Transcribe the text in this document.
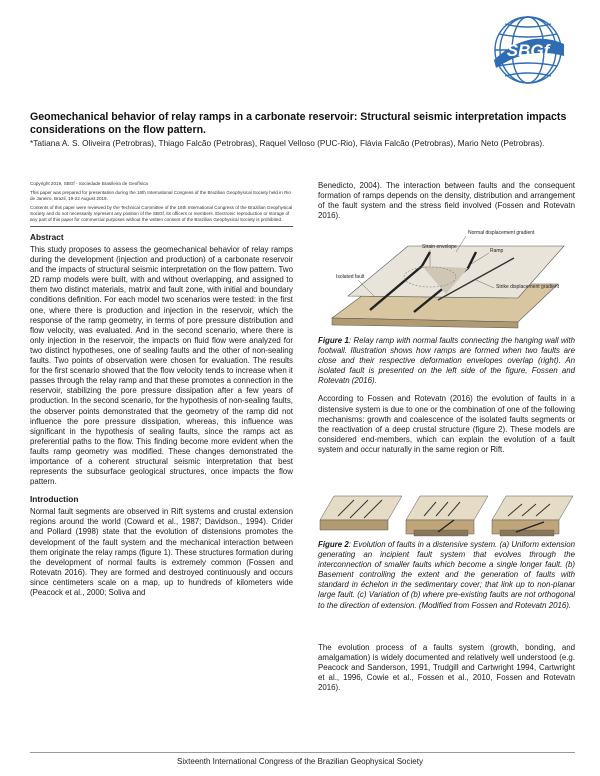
SBGf
Geomechanical behavior of relay ramps in a carbonate reservoir: Structural seismic interpretation impacts considerations on the flow pattern.
*Tatiana A. S. Oliveira (Petrobras), Thiago Falcão (Petrobras), Raquel Velloso (PUC-Rio), Flávia Falcão (Petrobras), Mario Neto (Petrobras).

Copyright 2019, SBGf - Sociedade Brasileira de Geofísica

This paper was prepared for presentation during the 16th International Congress of the Brazilian Geophysical Society held in Rio de Janeiro, Brazil, 19-22 August 2019.

Contents of this paper were reviewed by the Technical Committee of the 16th International Congress of the Brazilian Geophysical Society and do not necessarily represent any position of the SBGf, its officers or members. Electronic reproduction or storage of any part of this paper for commercial purposes without the written consent of the Brazilian Geophysical Society is prohibited.

Abstract

This study proposes to assess the geomechanical behavior of relay ramps during the development (injection and production) of a carbonate reservoir and the impacts of structural seismic interpretation on the flow pattern. Two 2D ramp models were built, with and without overlapping, and assigned to them two distinct materials, matrix and fault zone, with initial and boundary conditions definition. For each model two scenarios were tested: in the first one, where there is production and injection in the reservoir, which the response of the ramp geometry, in terms of pore pressure distribution and flow velocity, was evaluated. And in the second scenario, where there is only injection in the reservoir, the impacts on fluid flow were analyzed for two distinct hypotheses, one of sealing faults and the other of non-sealing faults. Two points of observation were chosen for evaluation. The results for the first scenario showed that the flow velocity tends to increase when it passes through the relay ramp and that these promotes a connection in the reservoir, stabilizing the pore pressure dissipation after a few years of production. In the second scenario, for the hypothesis of non-sealing faults, the observer points demonstrated that the geometry of the ramp did not influence the pore pressure dissipation, whereas, this influence was significant in the hypothesis of sealing faults, since the ramps act as preferential paths to the flow. This finding become more evident when the faults ramp geometry was modified. These changes demonstrated the importance of a coherent structural seismic interpretation that best represents the subsurface geological structures, once impacts the flow pattern.

Introduction

Normal fault segments are observed in Rift systems and crustal extension regions around the world (Coward et al., 1987; Davidson., 1994). Crider and Pollard (1998) state that the evolution of distensions promotes the development of the fault system and the mechanical interaction between them originate the relay ramps (figure 1). These structures formation during the development of normal faults is extremely common (Fossen and Rotevatn 2016). They are formed and destroyed continuously and occurs since centimeters scale on a map, up to hundreds of kilometers wide (Peacock et al., 2000; Soliva and

Benedicto, 2004). The interaction between faults and the consequent formation of ramps depends on the density, distribution and arrangement of the fault system and the stress field involved (Fossen and Rotevatn 2016).

Normal displacement gradient
Strain envelope
Ramp
Isolated fault
Strike displacement gradient

Figure 1: Relay ramp with normal faults connecting the hanging wall with footwall. Illustration shows how ramps are formed when two faults are close and their respective deformation envelopes overlap (right). An isolated fault is presented on the left side of the figure, Fossen and Rotevatn (2016).

According to Fossen and Rotevatn (2016) the evolution of faults in a distensive system is due to one or the combination of one of the following mechanisms: growth and coalescence of the isolated faults segments or the reactivation of a deep crustal structure (figure 2). These models are considered end-members, which can explain the evolution of a fault system and occur naturally in the same region or Rift.

Figure 2: Evolution of faults in a distensive system. (a) Uniform extension generating an incipient fault system that evolves through the interconnection of smaller faults which become a single longer fault. (b) Basement controlling the extent and the generation of faults with standard in échelon in the sedimentary cover; that link up to non-planar large fault. (c) Variation of (b) where pre-existing faults are not orthogonal to the direction of extension. (Modified from Fossen and Rotevatn 2016).

The evolution process of a faults system (growth, bonding, and amalgamation) is widely documented and relatively well understood (e.g. Peacock and Sanderson, 1991, Trudgill and Cartwright 1994, Cartwright et al., 1996, Cowie et al., Fossen et al., 2010, Fossen and Rotevatn 2016).

Sixteenth International Congress of the Brazilian Geophysical Society
